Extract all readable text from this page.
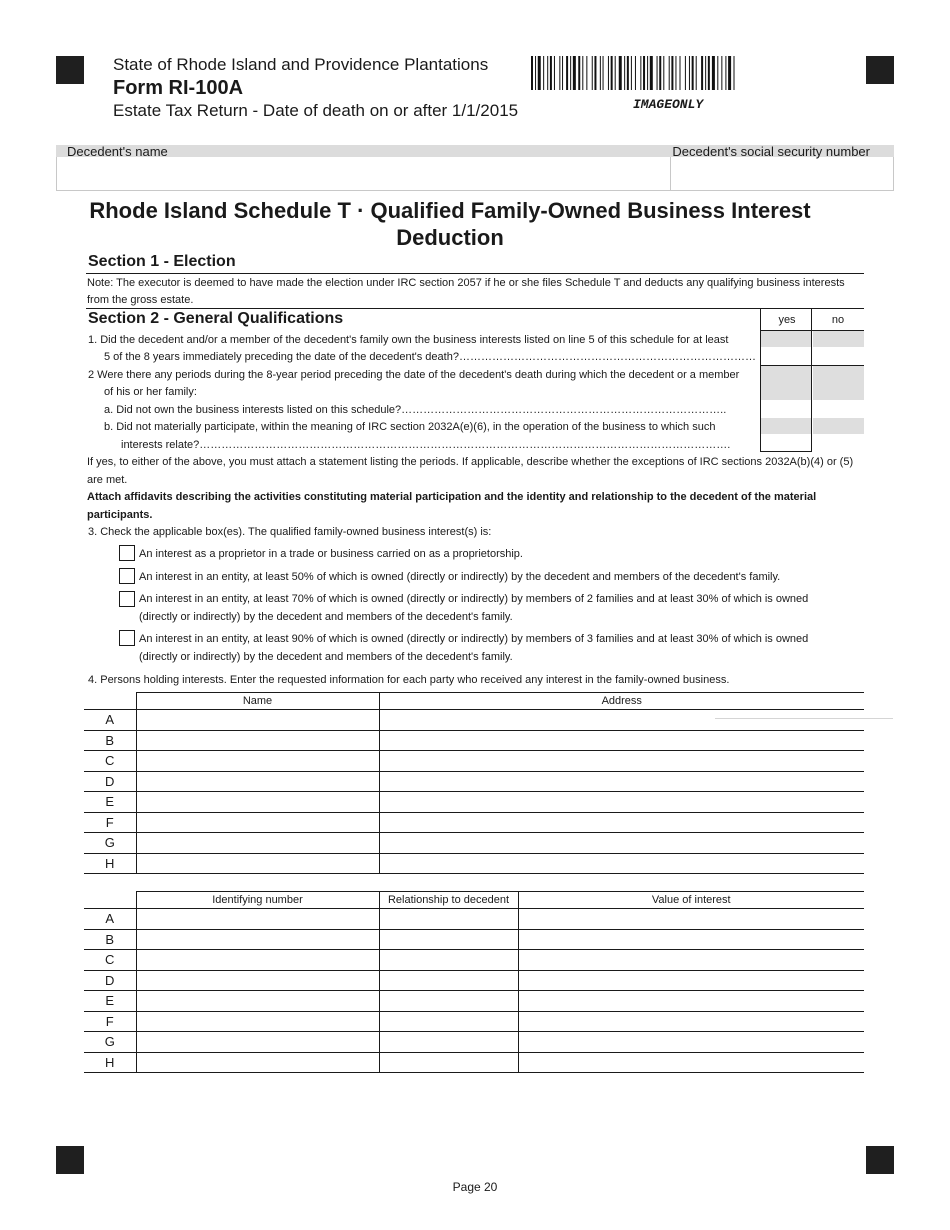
State of Rhode Island and Providence Plantations
Form RI-100A
Estate Tax Return - Date of death on or after 1/1/2015	IMAGEONLY
Decedent's name	Decedent's social security number
Rhode Island Schedule T · Qualified Family-Owned Business Interest Deduction
Section 1 - Election
Note: The executor is deemed to have made the election under IRC section 2057 if he or she files Schedule T and deducts any qualifying business interests from the gross estate.
Section 2 - General Qualifications	yes	no
1. Did the decedent and/or a member of the decedent's family own the business interests listed on line 5 of this schedule for at least
5 of the 8 years immediately preceding the date of the decedent's death?………………………………………………………………………
2 Were there any periods during the 8-year period preceding the date of the decedent's death during which the decedent or a member
of his or her family:
a. Did not own the business interests listed on this schedule?……………………………………………………………………………..
b. Did not materially participate, within the meaning of IRC section 2032A(e)(6), in the operation of the business to which such
interests relate?……………………………………………………………………………………………………………………………….
If yes, to either of the above, you must attach a statement listing the periods. If applicable, describe whether the exceptions of IRC sections 2032A(b)(4) or (5) are met.
Attach affidavits describing the activities constituting material participation and the identity and relationship to the decedent of the material participants.
3. Check the applicable box(es). The qualified family-owned business interest(s) is:
An interest as a proprietor in a trade or business carried on as a proprietorship.
An interest in an entity, at least 50% of which is owned (directly or indirectly) by the decedent and members of the decedent's family.
An interest in an entity, at least 70% of which is owned (directly or indirectly) by members of 2 families and at least 30% of which is owned (directly or indirectly) by the decedent and members of the decedent's family.
An interest in an entity, at least 90% of which is owned (directly or indirectly) by members of 3 families and at least 30% of which is owned (directly or indirectly) by the decedent and members of the decedent's family.
4. Persons holding interests. Enter the requested information for each party who received any interest in the family-owned business.
	Name	Address
A		
B		
C		
D		
E		
F		
G		
H		
	Identifying number	Relationship to decedent	Value of interest
A			
B			
C			
D			
E			
F			
G			
H			
Page 20
